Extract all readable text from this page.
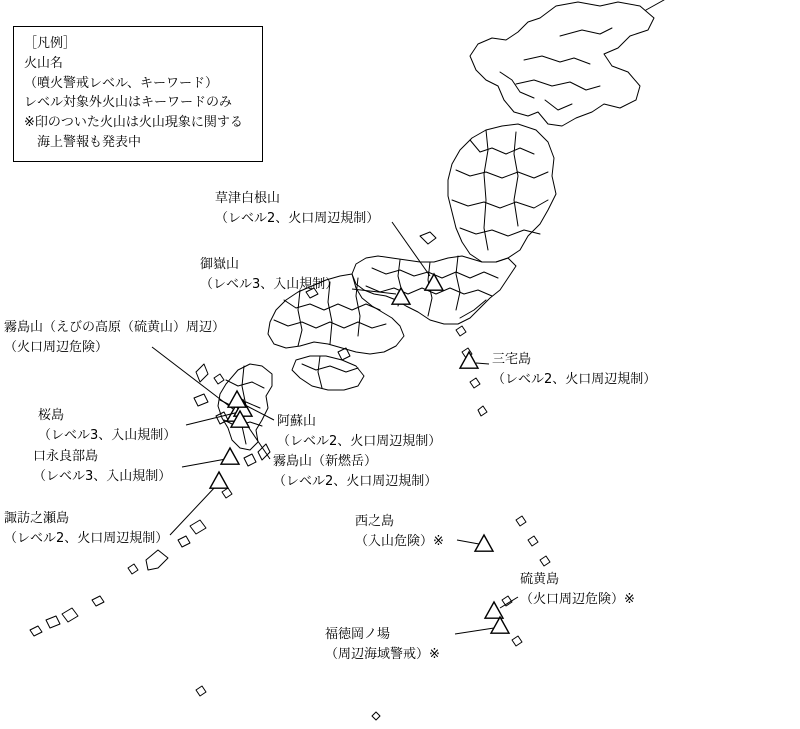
［凡例］
火山名
（噴火警戒レベル、キーワード）
レベル対象外火山はキーワードのみ
※印のついた火山は火山現象に関する
　海上警報も発表中
草津白根山
（レベル2、火口周辺規制）
御嶽山
（レベル3、入山規制）
霧島山（えびの高原（硫黄山）周辺）
（火口周辺危険）
三宅島
（レベル2、火口周辺規制）
桜島
（レベル3、入山規制）
阿蘇山
（レベル2、火口周辺規制）
霧島山（新燃岳）
（レベル2、火口周辺規制）
口永良部島
（レベル3、入山規制）
諏訪之瀬島
（レベル2、火口周辺規制）
西之島
（入山危険）※
硫黄島
（火口周辺危険）※
福徳岡ノ場
（周辺海域警戒）※
